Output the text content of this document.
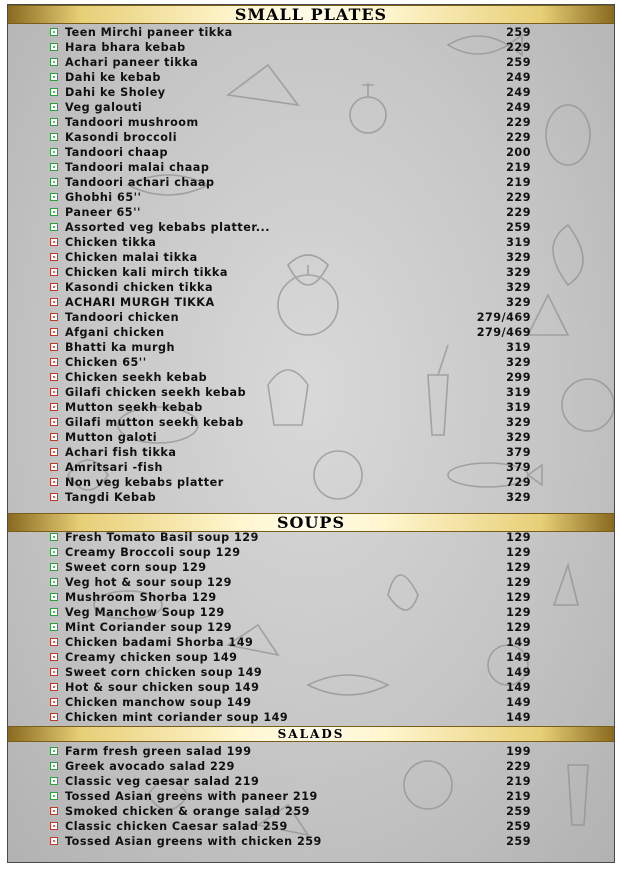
SMALL PLATES
Teen Mirchi paneer tikka	259
Hara bhara kebab	229
Achari paneer tikka	259
Dahi ke kebab	249
Dahi ke Sholey	249
Veg galouti	249
Tandoori mushroom	229
Kasondi broccoli	229
Tandoori chaap	200
Tandoori malai chaap	219
Tandoori achari chaap	219
Ghobhi 65''	229
Paneer 65''	229
Assorted veg kebabs platter...	259
Chicken tikka	319
Chicken malai tikka	329
Chicken kali mirch tikka	329
Kasondi chicken tikka	329
ACHARI MURGH TIKKA	329
Tandoori chicken	279/469
Afgani chicken	279/469
Bhatti ka murgh	319
Chicken 65''	329
Chicken seekh kebab	299
Gilafi chicken seekh kebab	319
Mutton seekh kebab	319
Gilafi mutton seekh kebab	329
Mutton galoti	329
Achari fish tikka	379
Amritsari -fish	379
Non veg kebabs platter	729
Tangdi Kebab	329
SOUPS
Fresh Tomato Basil soup 129	129
Creamy Broccoli soup 129	129
Sweet corn soup 129	129
Veg hot & sour soup 129	129
Mushroom Shorba 129	129
Veg Manchow Soup 129	129
Mint Coriander soup 129	129
Chicken badami Shorba 149	149
Creamy chicken soup 149	149
Sweet corn chicken soup 149	149
Hot & sour chicken soup 149	149
Chicken manchow soup 149	149
Chicken mint coriander soup 149	149
SALADS
Farm fresh green salad 199	199
Greek avocado salad 229	229
Classic veg caesar salad 219	219
Tossed Asian greens with paneer 219	219
Smoked chicken & orange salad 259	259
Classic chicken Caesar salad 259	259
Tossed Asian greens with chicken 259	259
